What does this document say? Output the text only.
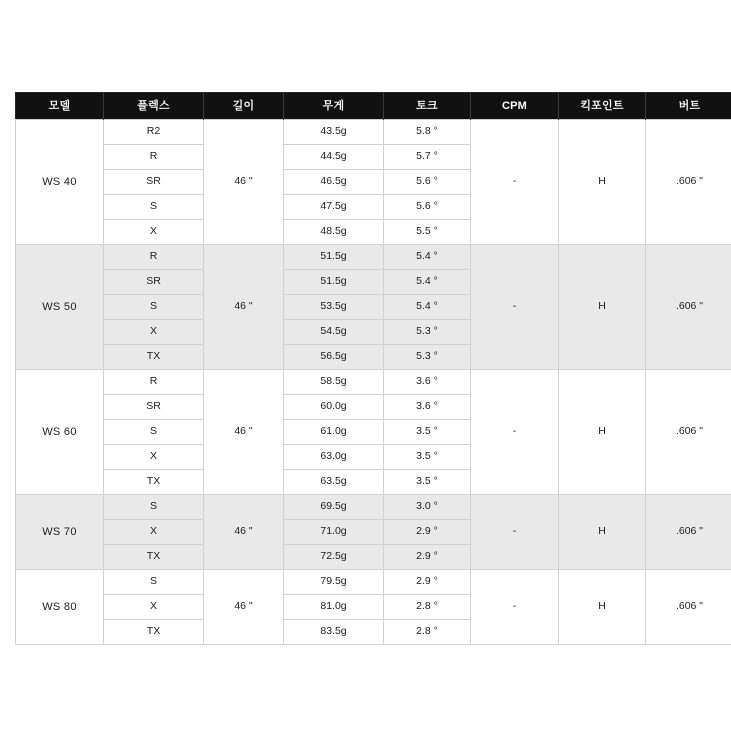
모델	플렉스	길이	무게	토크	CPM	킥포인트	버트
WS 40	R2	46 "	43.5g	5.8 °	-	H	.606 "
	R		44.5g	5.7 °			
	SR		46.5g	5.6 °			
	S		47.5g	5.6 °			
	X		48.5g	5.5 °			
WS 50	R	46 "	51.5g	5.4 °	-	H	.606 "
	SR		51.5g	5.4 °			
	S		53.5g	5.4 °			
	X		54.5g	5.3 °			
	TX		56.5g	5.3 °			
WS 60	R	46 "	58.5g	3.6 °	-	H	.606 "
	SR		60.0g	3.6 °			
	S		61.0g	3.5 °			
	X		63.0g	3.5 °			
	TX		63.5g	3.5 °			
WS 70	S	46 "	69.5g	3.0 °	-	H	.606 "
	X		71.0g	2.9 °			
	TX		72.5g	2.9 °			
WS 80	S	46 "	79.5g	2.9 °	-	H	.606 "
	X		81.0g	2.8 °			
	TX		83.5g	2.8 °			
